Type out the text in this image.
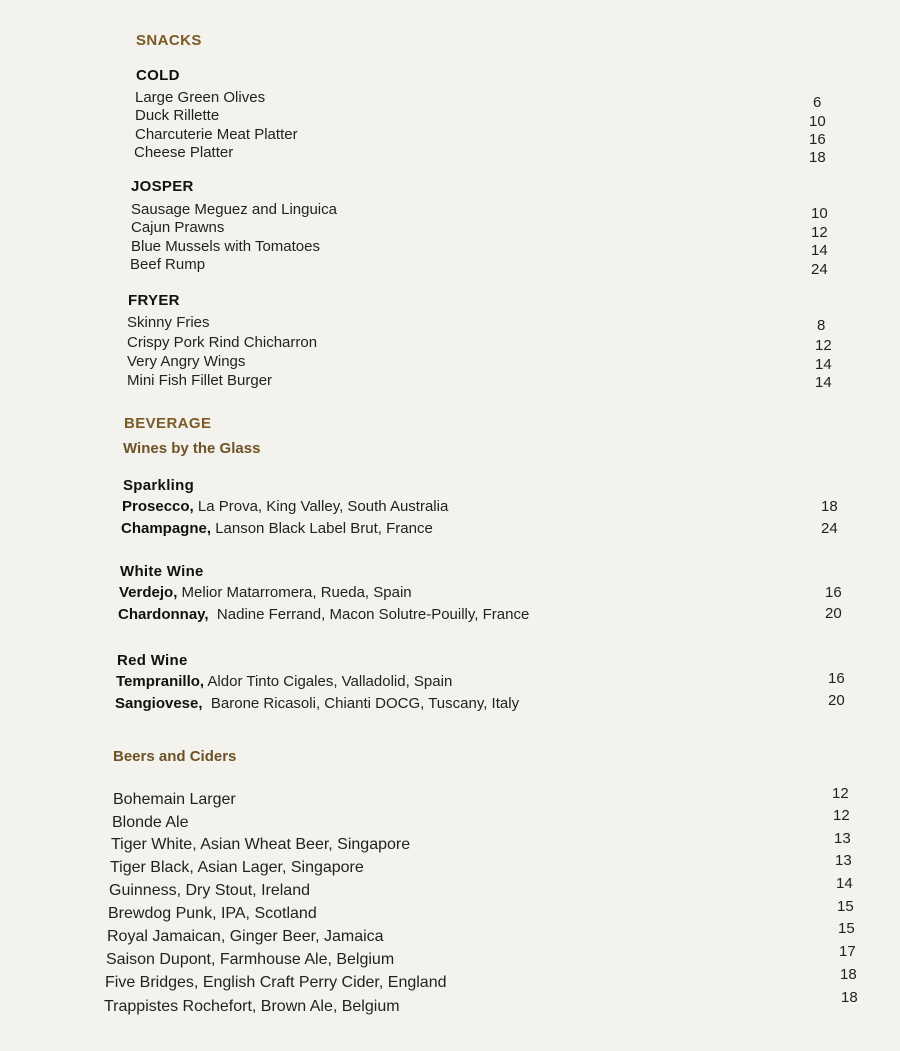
SNACKS
COLD
Large Green Olives
Duck Rillette
Charcuterie Meat Platter
Cheese Platter
6
10
16
18
JOSPER
Sausage Meguez and Linguica
Cajun Prawns
Blue Mussels with Tomatoes
Beef Rump
10
12
14
24
FRYER
Skinny Fries
Crispy Pork Rind Chicharron
Very Angry Wings
Mini Fish Fillet Burger
8
12
14
14
BEVERAGE
Wines by the Glass
Sparkling
Prosecco, La Prova, King Valley, South Australia
Champagne, Lanson Black Label Brut, France
18
24
White Wine
Verdejo, Melior Matarromera, Rueda, Spain
Chardonnay, Nadine Ferrand, Macon Solutre-Pouilly, France
16
20
Red Wine
Tempranillo, Aldor Tinto Cigales, Valladolid, Spain
Sangiovese, Barone Ricasoli, Chianti DOCG, Tuscany, Italy
16
20
Beers and Ciders
Bohemain Larger
Blonde Ale
Tiger White, Asian Wheat Beer, Singapore
Tiger Black, Asian Lager, Singapore
Guinness, Dry Stout, Ireland
Brewdog Punk, IPA, Scotland
Royal Jamaican, Ginger Beer, Jamaica
Saison Dupont, Farmhouse Ale, Belgium
Five Bridges, English Craft Perry Cider, England
Trappistes Rochefort, Brown Ale, Belgium
12
12
13
13
14
15
15
17
18
18
